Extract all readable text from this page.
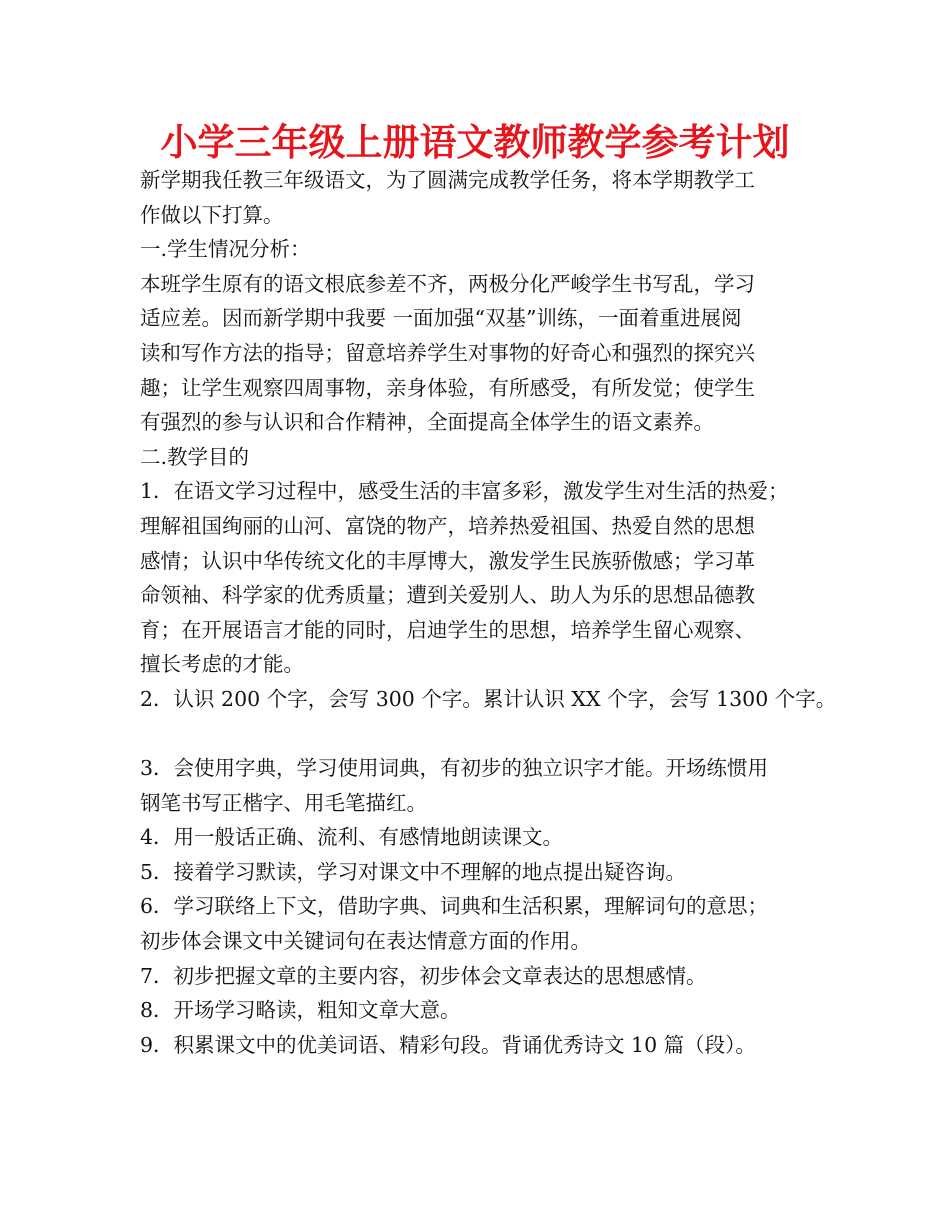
小学三年级上册语文教师教学参考计划
新学期我任教三年级语文，为了圆满完成教学任务，将本学期教学工
作做以下打算。
一.学生情况分析：
本班学生原有的语文根底参差不齐，两极分化严峻学生书写乱，学习
适应差。因而新学期中我要 一面加强“双基”训练，一面着重进展阅
读和写作方法的指导；留意培养学生对事物的好奇心和强烈的探究兴
趣；让学生观察四周事物，亲身体验，有所感受，有所发觉；使学生
有强烈的参与认识和合作精神，全面提高全体学生的语文素养。
二.教学目的
1．在语文学习过程中，感受生活的丰富多彩，激发学生对生活的热爱；
理解祖国绚丽的山河、富饶的物产，培养热爱祖国、热爱自然的思想
感情；认识中华传统文化的丰厚博大，激发学生民族骄傲感；学习革
命领袖、科学家的优秀质量；遭到关爱别人、助人为乐的思想品德教
育；在开展语言才能的同时，启迪学生的思想，培养学生留心观察、
擅长考虑的才能。
2．认识 200 个字，会写 300 个字。累计认识 XX 个字，会写 1300 个字。
3．会使用字典，学习使用词典，有初步的独立识字才能。开场练惯用
钢笔书写正楷字、用毛笔描红。
4．用一般话正确、流利、有感情地朗读课文。
5．接着学习默读，学习对课文中不理解的地点提出疑咨询。
6．学习联络上下文，借助字典、词典和生活积累，理解词句的意思；
初步体会课文中关键词句在表达情意方面的作用。
7．初步把握文章的主要内容，初步体会文章表达的思想感情。
8．开场学习略读，粗知文章大意。
9．积累课文中的优美词语、精彩句段。背诵优秀诗文 10 篇（段）。
